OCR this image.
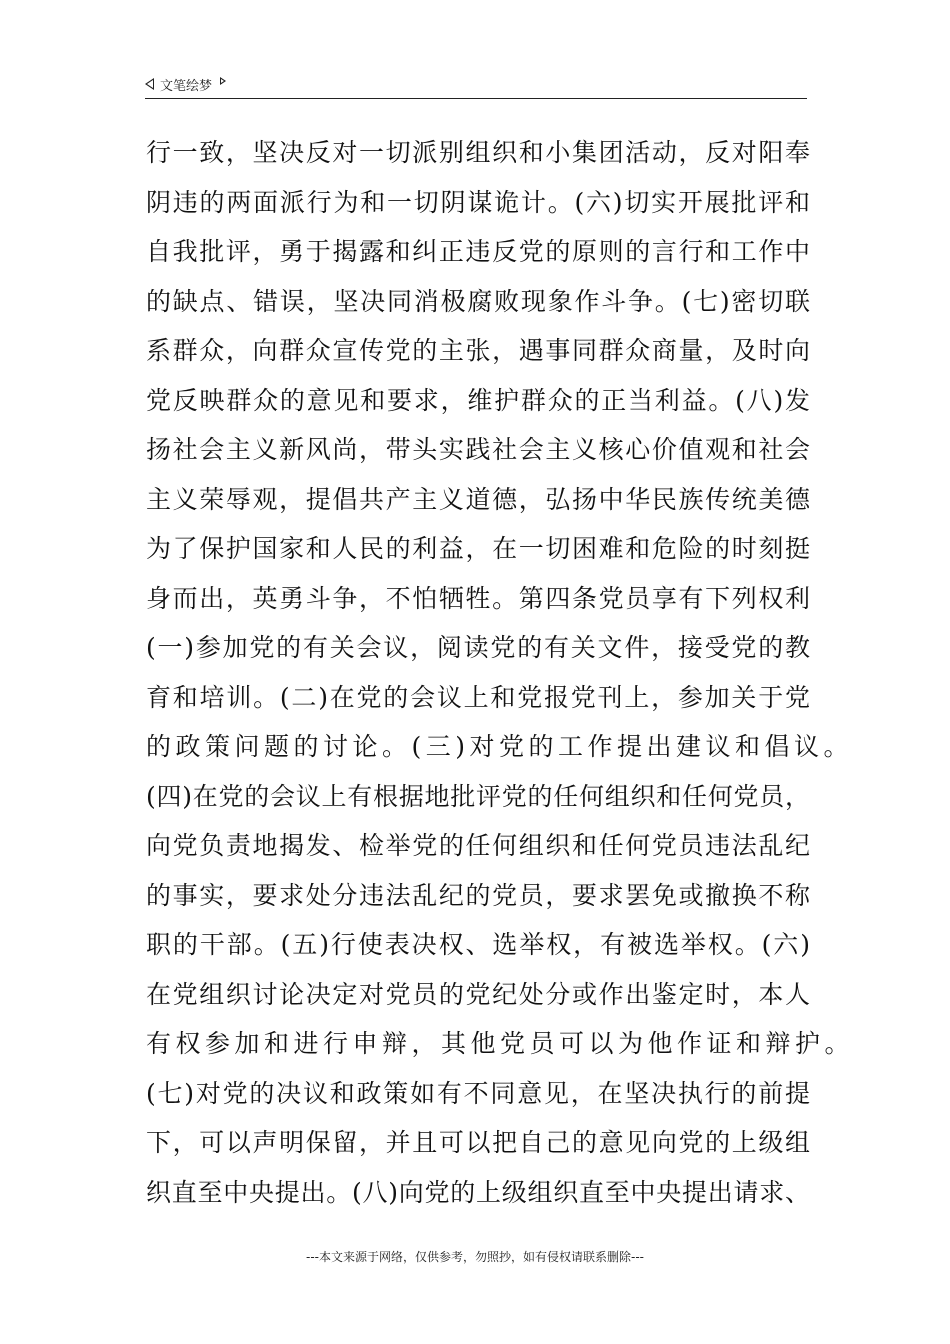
文笔绘梦
行一致，坚决反对一切派别组织和小集团活动，反对阳奉
阴违的两面派行为和一切阴谋诡计。(六)切实开展批评和
自我批评，勇于揭露和纠正违反党的原则的言行和工作中
的缺点、错误，坚决同消极腐败现象作斗争。(七)密切联
系群众，向群众宣传党的主张，遇事同群众商量，及时向
党反映群众的意见和要求，维护群众的正当利益。(八)发
扬社会主义新风尚，带头实践社会主义核心价值观和社会
主义荣辱观，提倡共产主义道德，弘扬中华民族传统美德
为了保护国家和人民的利益，在一切困难和危险的时刻挺
身而出，英勇斗争，不怕牺牲。第四条党员享有下列权利
(一)参加党的有关会议，阅读党的有关文件，接受党的教
育和培训。(二)在党的会议上和党报党刊上，参加关于党
的政策问题的讨论。(三)对党的工作提出建议和倡议。
(四)在党的会议上有根据地批评党的任何组织和任何党员，
向党负责地揭发、检举党的任何组织和任何党员违法乱纪
的事实，要求处分违法乱纪的党员，要求罢免或撤换不称
职的干部。(五)行使表决权、选举权，有被选举权。(六)
在党组织讨论决定对党员的党纪处分或作出鉴定时，本人
有权参加和进行申辩，其他党员可以为他作证和辩护。
(七)对党的决议和政策如有不同意见，在坚决执行的前提
下，可以声明保留，并且可以把自己的意见向党的上级组
织直至中央提出。(八)向党的上级组织直至中央提出请求、
---本文来源于网络，仅供参考，勿照抄，如有侵权请联系删除---
